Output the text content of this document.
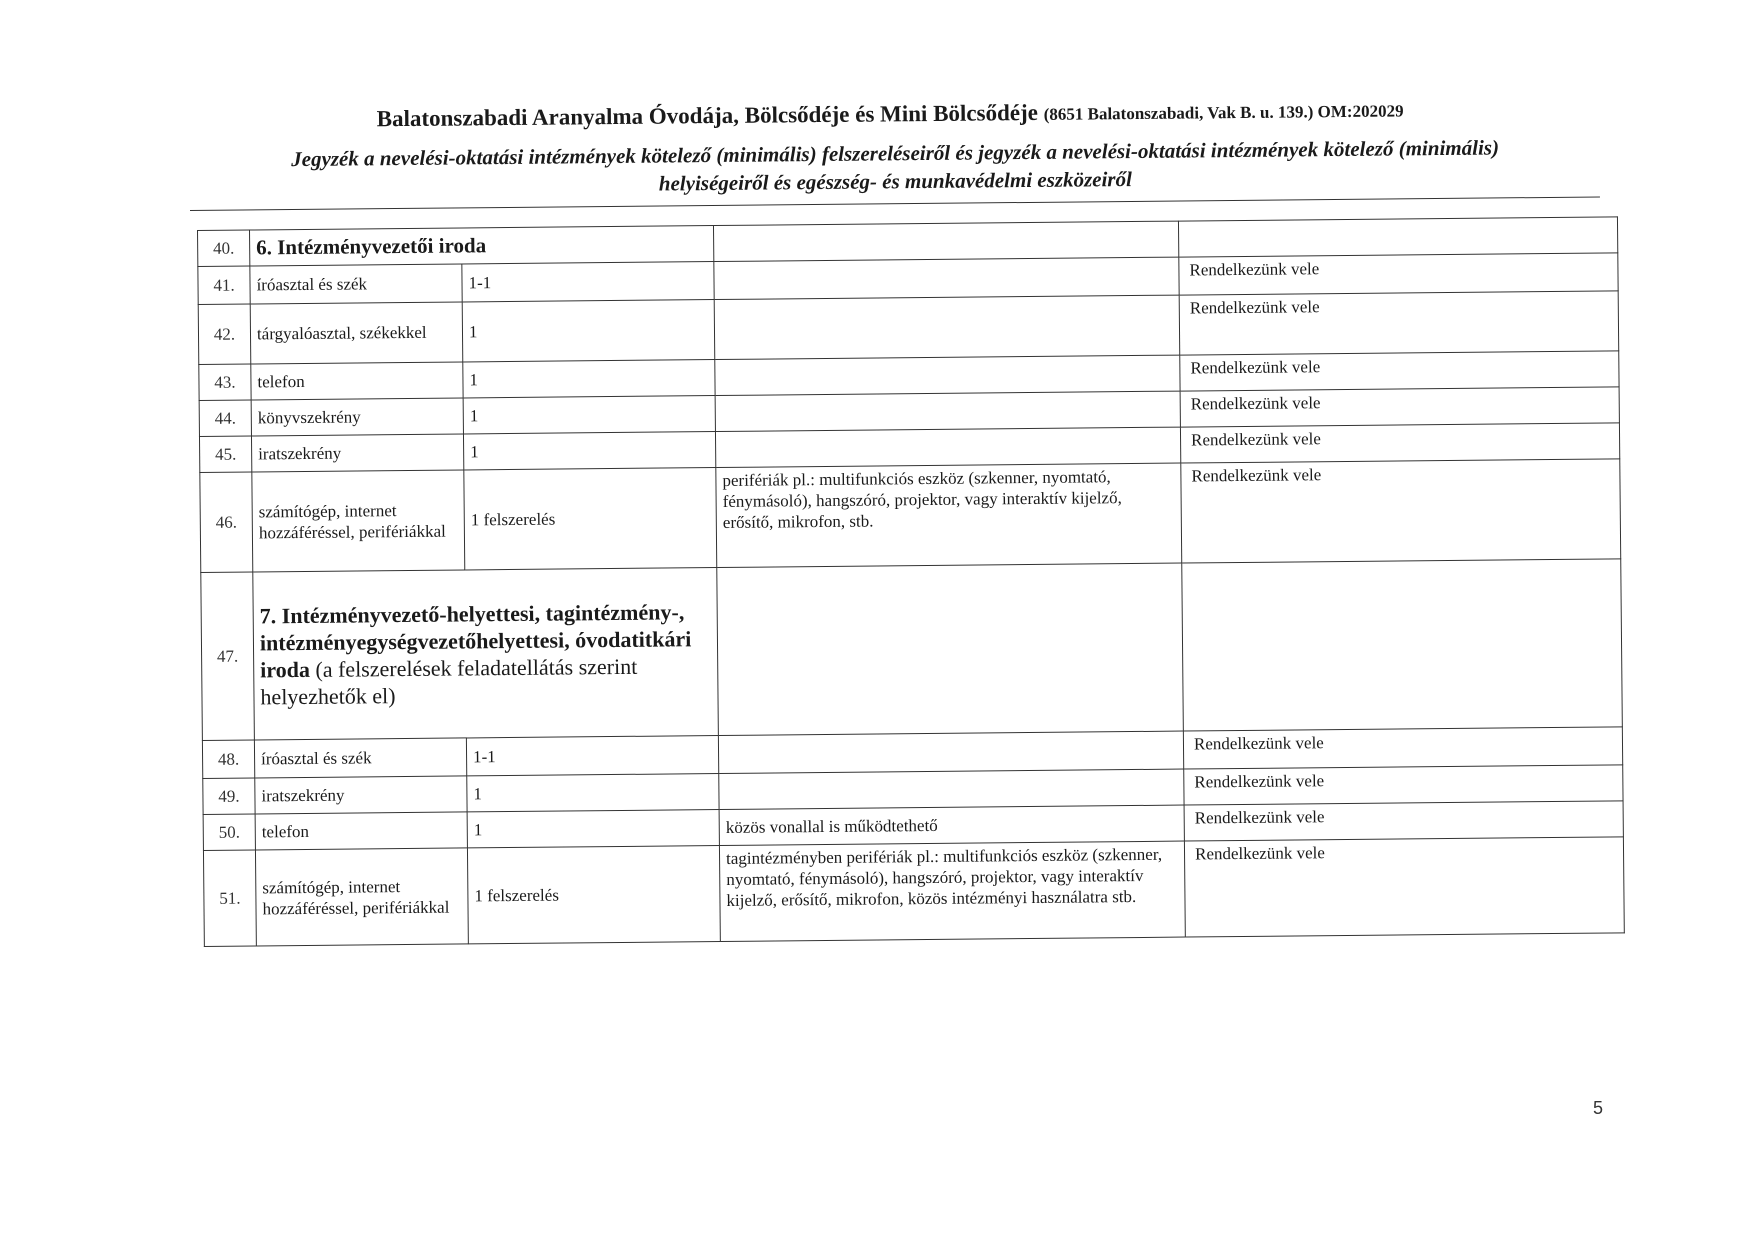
Balatonszabadi Aranyalma Óvodája, Bölcsődéje és Mini Bölcsődéje (8651 Balatonszabadi, Vak B. u. 139.) OM:202029
Jegyzék a nevelési-oktatási intézmények kötelező (minimális) felszereléseiről és jegyzék a nevelési-oktatási intézmények kötelező (minimális)
helyiségeiről és egészség- és munkavédelmi eszközeiről
40.	6. Intézményvezetői iroda			
41.	íróasztal és szék	1-1		Rendelkezünk vele
42.	tárgyalóasztal, székekkel	1		Rendelkezünk vele
43.	telefon	1		Rendelkezünk vele
44.	könyvszekrény	1		Rendelkezünk vele
45.	iratszekrény	1		Rendelkezünk vele
46.	számítógép, internet hozzáféréssel, perifériákkal	1 felszerelés	perifériák pl.: multifunkciós eszköz (szkenner, nyomtató, fénymásoló), hangszóró, projektor, vagy interaktív kijelző, erősítő, mikrofon, stb.	Rendelkezünk vele
47.	7. Intézményvezető-helyettesi, tagintézmény-, intézményegységvezetőhelyettesi, óvodatitkári iroda (a felszerelések feladatellátás szerint helyezhetők el)			
48.	íróasztal és szék	1-1		Rendelkezünk vele
49.	iratszekrény	1		Rendelkezünk vele
50.	telefon	1	közös vonallal is működtethető	Rendelkezünk vele
51.	számítógép, internet hozzáféréssel, perifériákkal	1 felszerelés	tagintézményben perifériák pl.: multifunkciós eszköz (szkenner, nyomtató, fénymásoló), hangszóró, projektor, vagy interaktív kijelző, erősítő, mikrofon, közös intézményi használatra stb.	Rendelkezünk vele
5
